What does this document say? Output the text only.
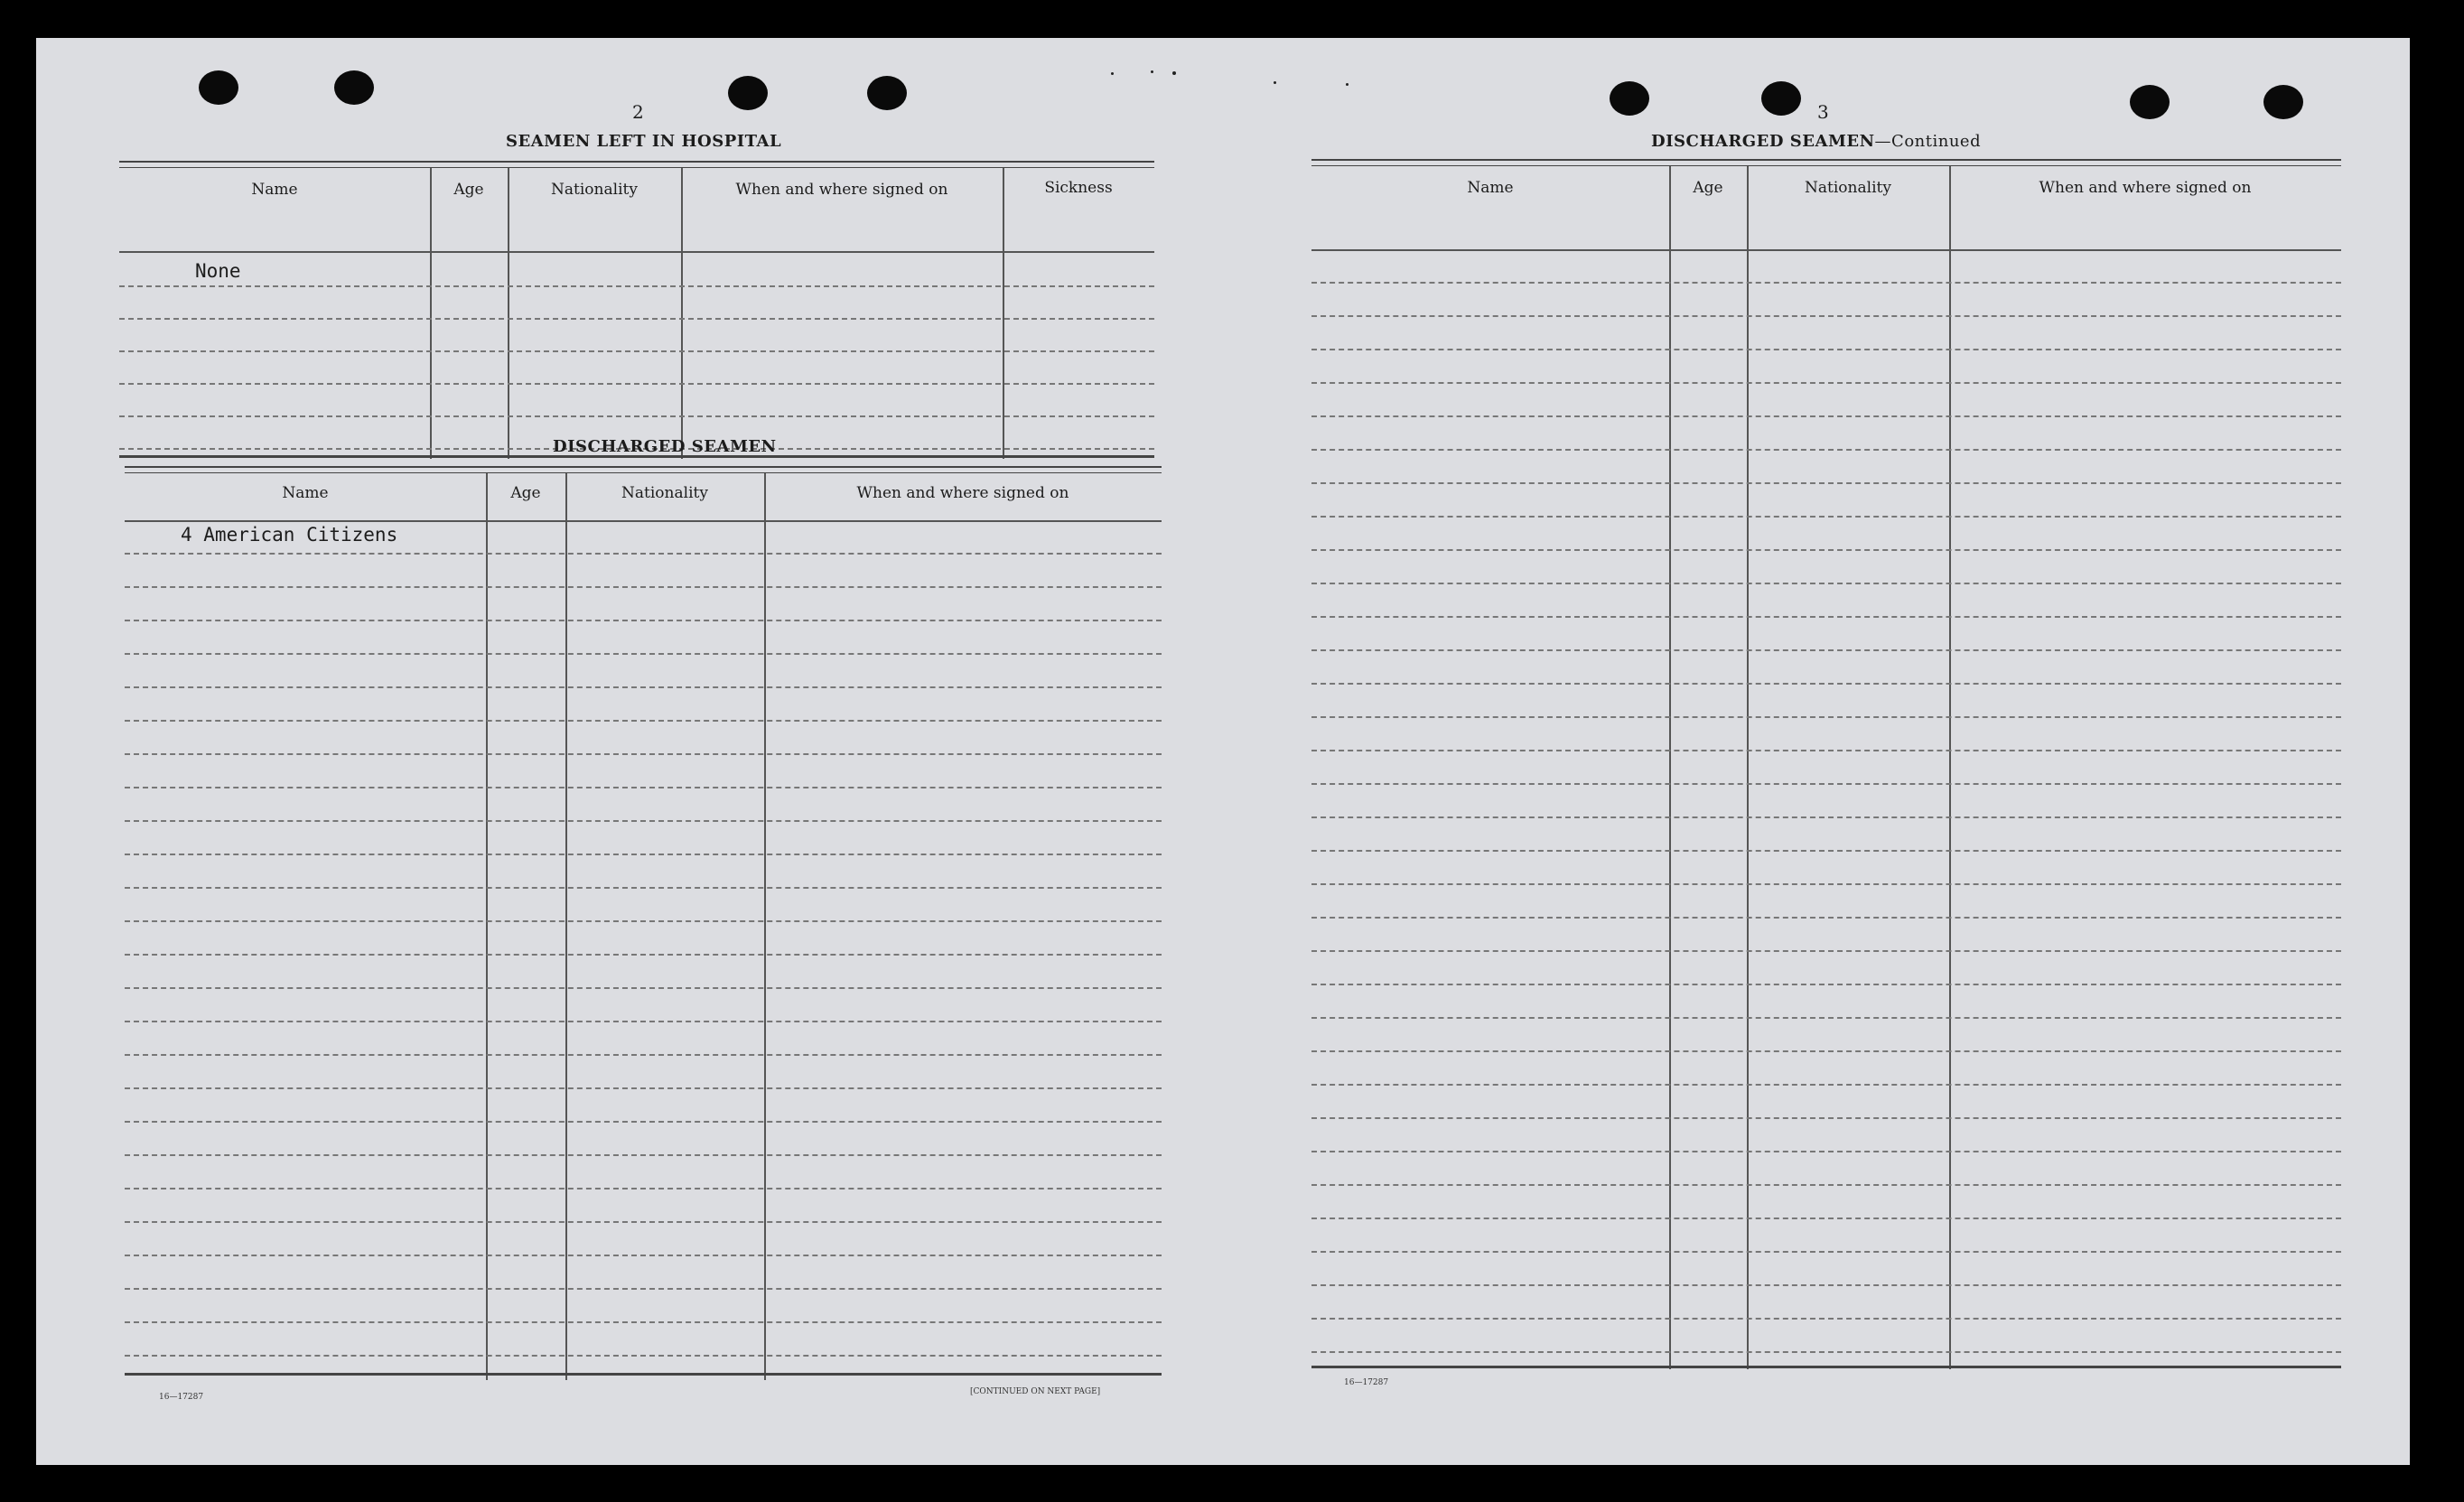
2
SEAMEN LEFT IN HOSPITAL
Name	Age	Nationality	When and where signed on	Sickness
None
DISCHARGED SEAMEN
Name	Age	Nationality	When and where signed on
4 American Citizens
16—17287
[CONTINUED ON NEXT PAGE]
3
DISCHARGED SEAMEN—Continued
Name	Age	Nationality	When and where signed on
16—17287
